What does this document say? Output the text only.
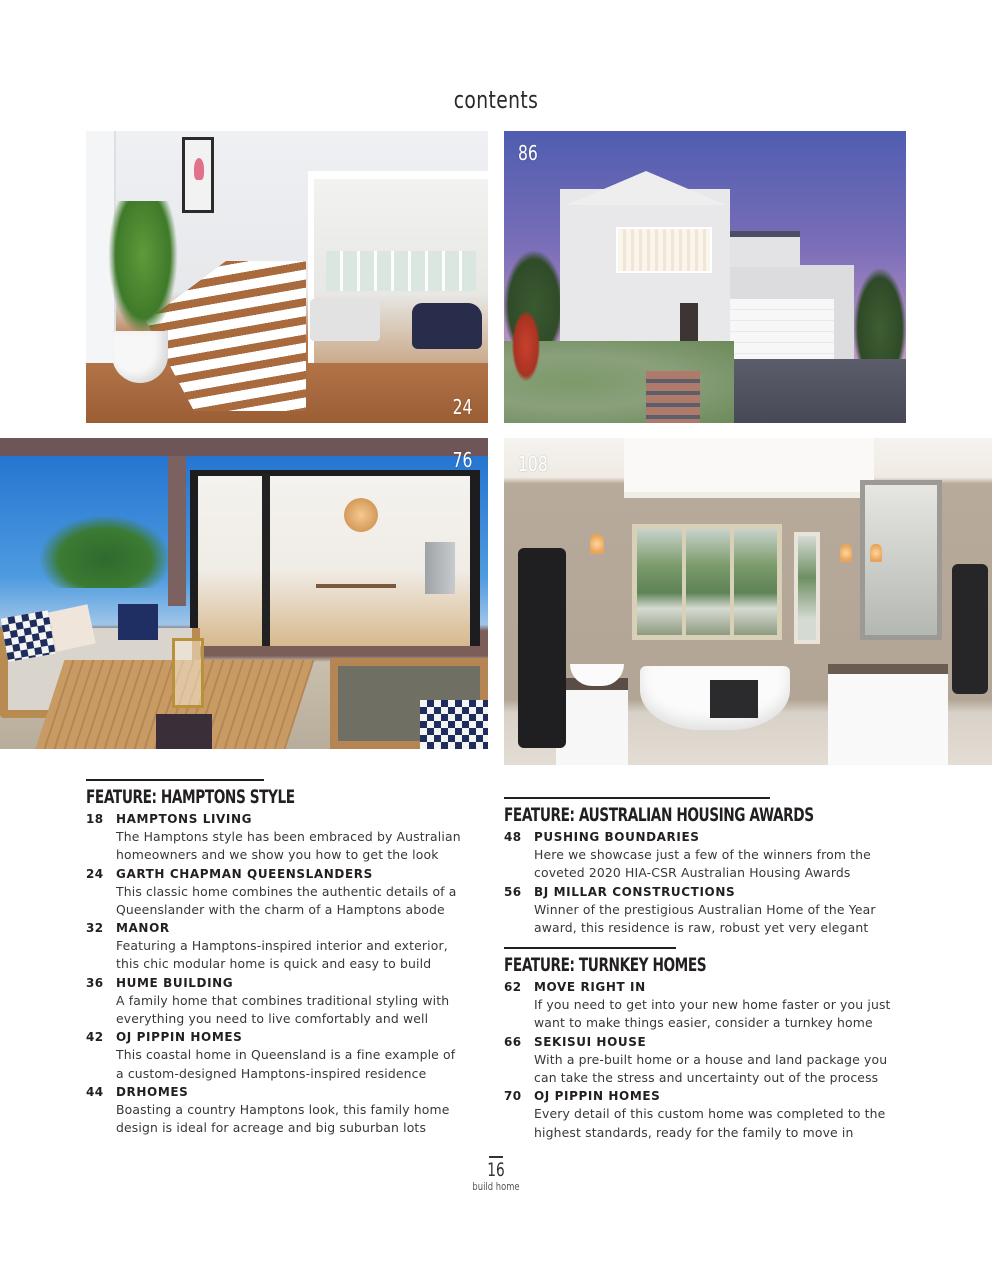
contents
24
86
76 108
FEATURE: HAMPTONS STYLE
18	HAMPTONS LIVING
The Hamptons style has been embraced by Australian
homeowners and we show you how to get the look
24	GARTH CHAPMAN QUEENSLANDERS
This classic home combines the authentic details of a
Queenslander with the charm of a Hamptons abode
32	MANOR
Featuring a Hamptons-inspired interior and exterior,
this chic modular home is quick and easy to build
36	HUME BUILDING
A family home that combines traditional styling with
everything you need to live comfortably and well
42	OJ PIPPIN HOMES
This coastal home in Queensland is a fine example of
a custom-designed Hamptons-inspired residence
44	DRHOMES
Boasting a country Hamptons look, this family home
design is ideal for acreage and big suburban lots
FEATURE: AUSTRALIAN HOUSING AWARDS
48	PUSHING BOUNDARIES
Here we showcase just a few of the winners from the
coveted 2020 HIA-CSR Australian Housing Awards
56	BJ MILLAR CONSTRUCTIONS
Winner of the prestigious Australian Home of the Year
award, this residence is raw, robust yet very elegant
FEATURE: TURNKEY HOMES
62	MOVE RIGHT IN
If you need to get into your new home faster or you just
want to make things easier, consider a turnkey home
66	SEKISUI HOUSE
With a pre-built home or a house and land package you
can take the stress and uncertainty out of the process
70	OJ PIPPIN HOMES
Every detail of this custom home was completed to the
highest standards, ready for the family to move in
16
build home
